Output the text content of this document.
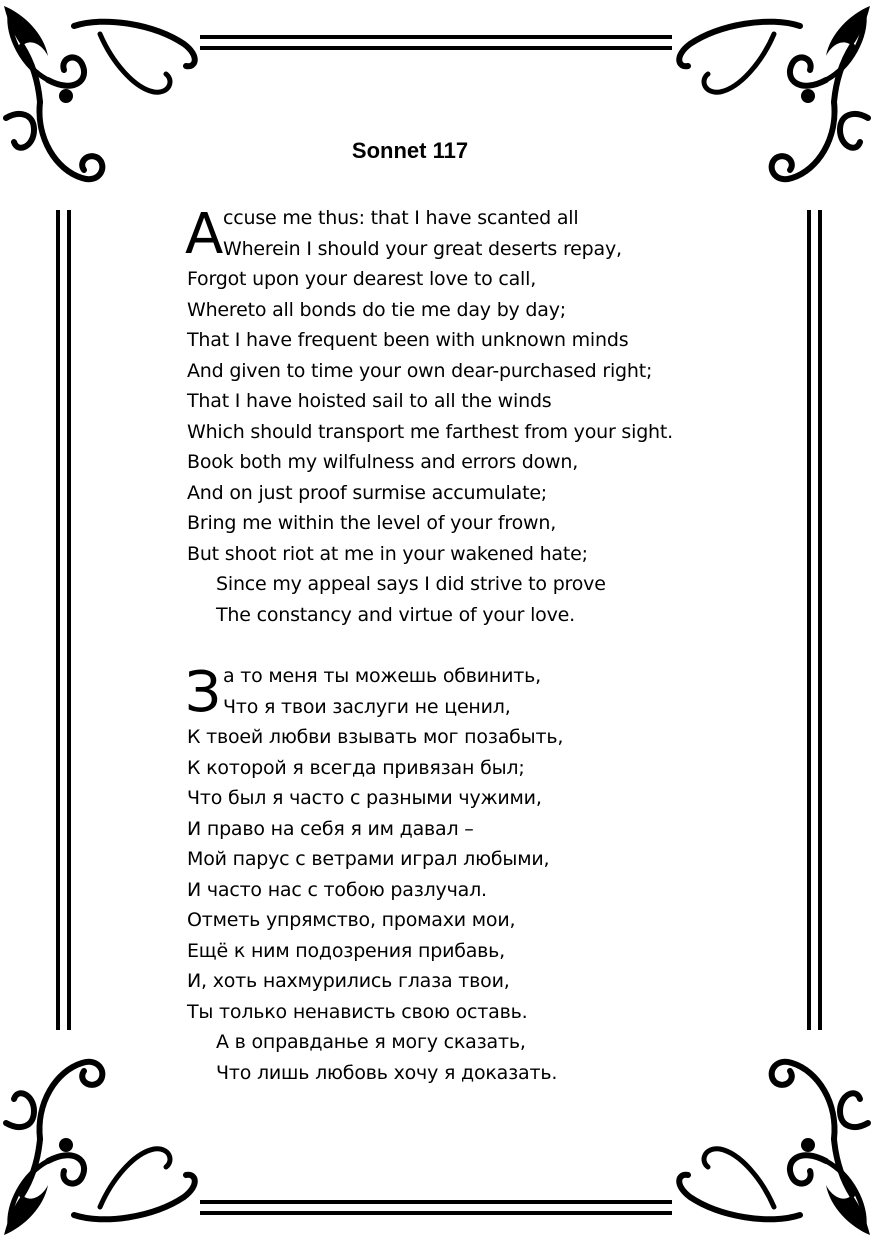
Sonnet 117
A ccuse me thus: that I have scanted all
Wherein I should your great deserts repay,
Forgot upon your dearest love to call,
Whereto all bonds do tie me day by day;
That I have frequent been with unknown minds
And given to time your own dear-purchased right;
That I have hoisted sail to all the winds
Which should transport me farthest from your sight.
Book both my wilfulness and errors down,
And on just proof surmise accumulate;
Bring me within the level of your frown,
But shoot riot at me in your wakened hate;
Since my appeal says I did strive to prove
The constancy and virtue of your love.
З а то меня ты можешь обвинить,
Что я твои заслуги не ценил,
К твоей любви взывать мог позабыть,
К которой я всегда привязан был;
Что был я часто с разными чужими,
И право на себя я им давал –
Мой парус с ветрами играл любыми,
И часто нас с тобою разлучал.
Отметь упрямство, промахи мои,
Ещё к ним подозрения прибавь,
И, хоть нахмурились глаза твои,
Ты только ненависть свою оставь.
А в оправданье я могу сказать,
Что лишь любовь хочу я доказать.
